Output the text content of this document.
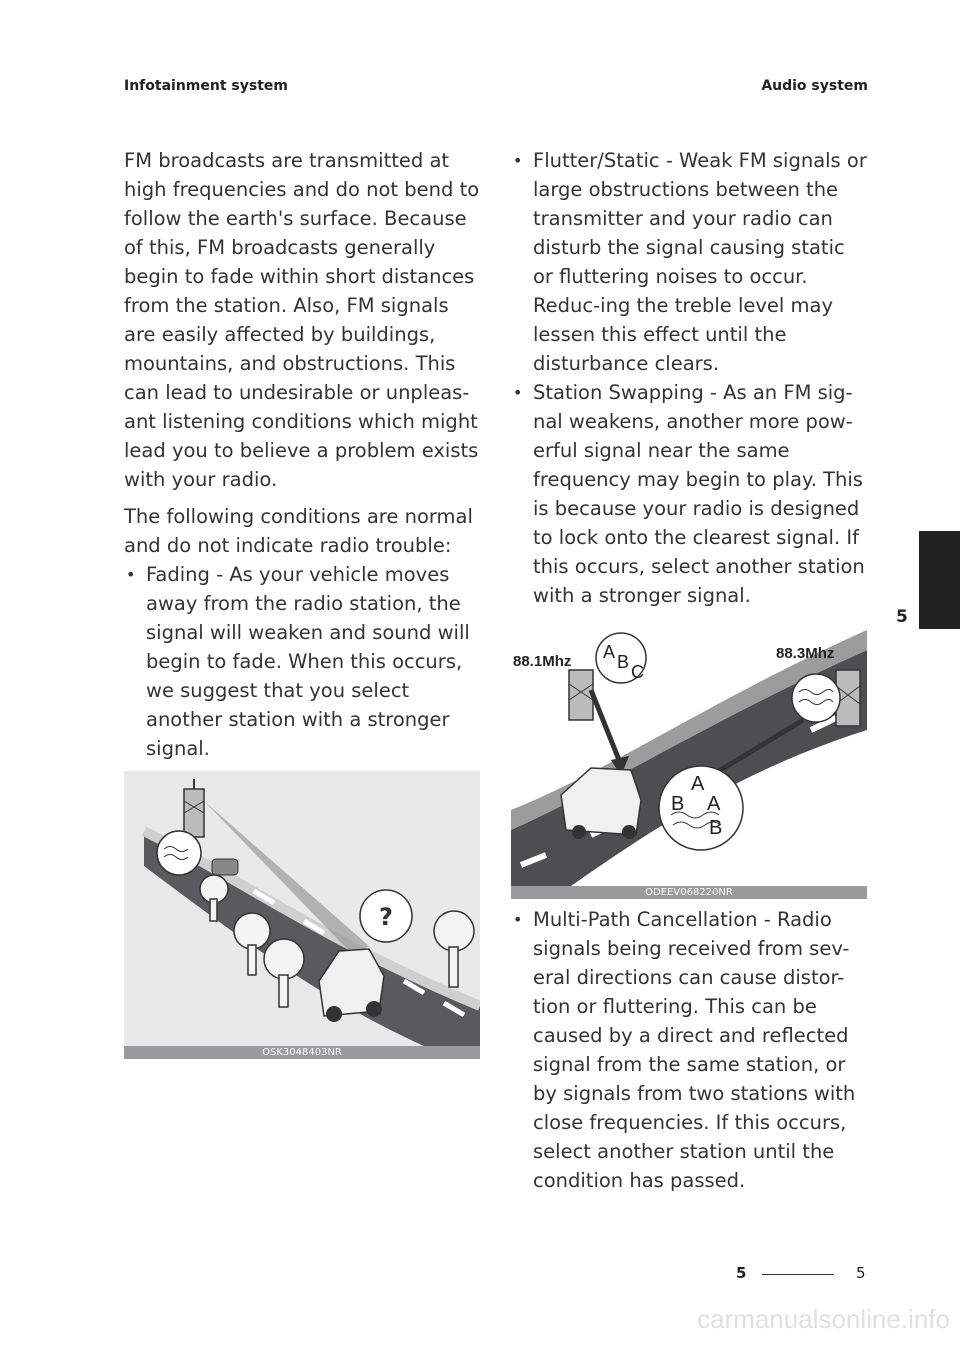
Infotainment system	Audio system

FM broadcasts are transmitted at high frequencies and do not bend to follow the earth's surface. Because of this, FM broadcasts generally begin to fade within short distances from the station. Also, FM signals are easily affected by buildings, mountains, and obstructions. This can lead to undesirable or unpleas-ant listening conditions which might lead you to believe a problem exists with your radio.

The following conditions are normal and do not indicate radio trouble:

• Fading - As your vehicle moves away from the radio station, the signal will weaken and sound will begin to fade. When this occurs, we suggest that you select another station with a stronger signal.
?
OSK3048403NR
• Flutter/Static - Weak FM signals or large obstructions between the transmitter and your radio can disturb the signal causing static or fluttering noises to occur. Reduc-ing the treble level may lessen this effect until the disturbance clears.
• Station Swapping - As an FM sig-nal weakens, another more pow-erful signal near the same frequency may begin to play. This is because your radio is designed to lock onto the clearest signal. If this occurs, select another station with a stronger signal.
88.1Mhz A B C
88.3Mhz
A
B A
B
ODEEV068220NR
• Multi-Path Cancellation - Radio signals being received from sev-eral directions can cause distor-tion or fluttering. This can be caused by a direct and reflected signal from the same station, or by signals from two stations with close frequencies. If this occurs, select another station until the condition has passed.
5
5	5
carmanualsonline.info
